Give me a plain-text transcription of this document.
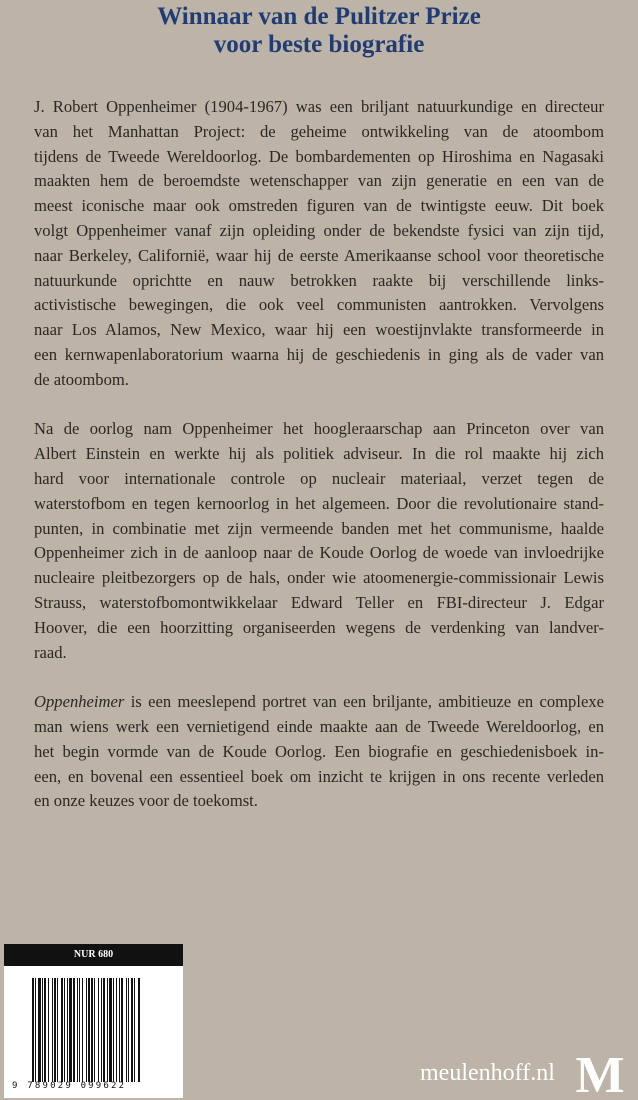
Winnaar van de Pulitzer Prize
voor beste biografie
J. Robert Oppenheimer (1904-1967) was een briljant natuurkundige en directeur
van het Manhattan Project: de geheime ontwikkeling van de atoombom
tijdens de Tweede Wereldoorlog. De bombardementen op Hiroshima en Nagasaki
maakten hem de beroemdste wetenschapper van zijn generatie en een van de
meest iconische maar ook omstreden figuren van de twintigste eeuw. Dit boek
volgt Oppenheimer vanaf zijn opleiding onder de bekendste fysici van zijn tijd,
naar Berkeley, Californië, waar hij de eerste Amerikaanse school voor theoretische
natuurkunde oprichtte en nauw betrokken raakte bij verschillende links-
activistische bewegingen, die ook veel communisten aantrokken. Vervolgens
naar Los Alamos, New Mexico, waar hij een woestijnvlakte transformeerde in
een kernwapenlaboratorium waarna hij de geschiedenis in ging als de vader van
de atoombom.
Na de oorlog nam Oppenheimer het hoogleraarschap aan Princeton over van
Albert Einstein en werkte hij als politiek adviseur. In die rol maakte hij zich
hard voor internationale controle op nucleair materiaal, verzet tegen de
waterstofbom en tegen kernoorlog in het algemeen. Door die revolutionaire stand-
punten, in combinatie met zijn vermeende banden met het communisme, haalde
Oppenheimer zich in de aanloop naar de Koude Oorlog de woede van invloedrijke
nucleaire pleitbezorgers op de hals, onder wie atoomenergie-commissionair Lewis
Strauss, waterstofbomontwikkelaar Edward Teller en FBI-directeur J. Edgar
Hoover, die een hoorzitting organiseerden wegens de verdenking van landver-
raad.
Oppenheimer is een meeslepend portret van een briljante, ambitieuze en complexe
man wiens werk een vernietigend einde maakte aan de Tweede Wereldoorlog, en
het begin vormde van de Koude Oorlog. Een biografie en geschiedenisboek in-
een, en bovenal een essentieel boek om inzicht te krijgen in ons recente verleden
en onze keuzes voor de toekomst.
NUR 680
9 789029 099622	meulenhoff.nl M
